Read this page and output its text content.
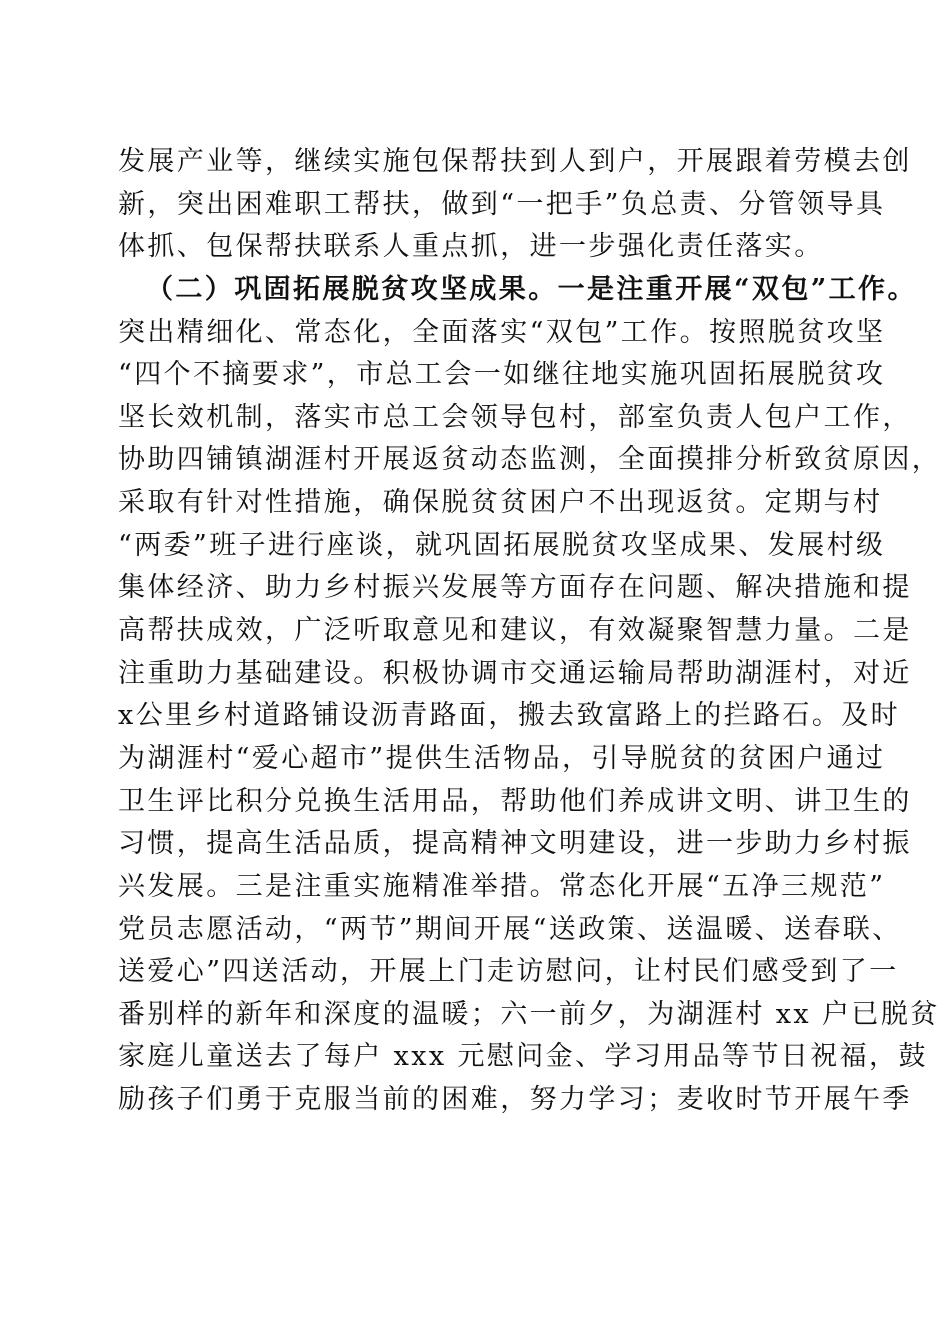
发展产业等，继续实施包保帮扶到人到户，开展跟着劳模去创
新，突出困难职工帮扶，做到“一把手”负总责、分管领导具
体抓、包保帮扶联系人重点抓，进一步强化责任落实。
（二）巩固拓展脱贫攻坚成果。一是注重开展“双包”工作。
突出精细化、常态化，全面落实“双包”工作。按照脱贫攻坚
“四个不摘要求”，市总工会一如继往地实施巩固拓展脱贫攻
坚长效机制，落实市总工会领导包村，部室负责人包户工作，
协助四铺镇湖涯村开展返贫动态监测，全面摸排分析致贫原因，
采取有针对性措施，确保脱贫贫困户不出现返贫。定期与村
“两委”班子进行座谈，就巩固拓展脱贫攻坚成果、发展村级
集体经济、助力乡村振兴发展等方面存在问题、解决措施和提
高帮扶成效，广泛听取意见和建议，有效凝聚智慧力量。二是
注重助力基础建设。积极协调市交通运输局帮助湖涯村，对近
x公里乡村道路铺设沥青路面，搬去致富路上的拦路石。及时
为湖涯村“爱心超市”提供生活物品，引导脱贫的贫困户通过
卫生评比积分兑换生活用品，帮助他们养成讲文明、讲卫生的
习惯，提高生活品质，提高精神文明建设，进一步助力乡村振
兴发展。三是注重实施精准举措。常态化开展“五净三规范”
党员志愿活动，“两节”期间开展“送政策、送温暖、送春联、
送爱心”四送活动，开展上门走访慰问，让村民们感受到了一
番别样的新年和深度的温暖；六一前夕，为湖涯村 xx 户已脱贫
家庭儿童送去了每户 xxx 元慰问金、学习用品等节日祝福，鼓
励孩子们勇于克服当前的困难，努力学习；麦收时节开展午季
